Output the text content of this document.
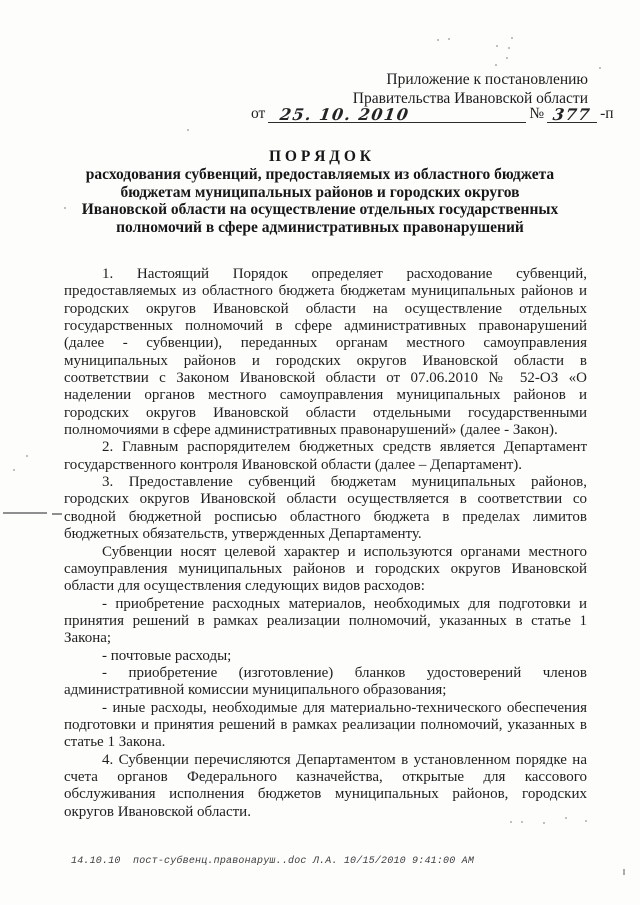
Приложение к постановлению
Правительства Ивановской области
от 25. 10. 2010	№ 377 -п
П О Р Я Д О К
расходования субвенций, предоставляемых из областного бюджета
бюджетам муниципальных районов и городских округов
Ивановской области на осуществление отдельных государственных
полномочий в сфере административных правонарушений

1. Настоящий Порядок определяет расходование субвенций, предоставляемых из областного бюджета бюджетам муниципальных районов и городских округов Ивановской области на осуществление отдельных государственных полномочий в сфере административных правонарушений (далее - субвенции), переданных органам местного самоуправления муниципальных районов и городских округов Ивановской области в соответствии с Законом Ивановской области от 07.06.2010 № 52-ОЗ «О наделении органов местного самоуправления муниципальных районов и городских округов Ивановской области отдельными государственными полномочиями в сфере административных правонарушений» (далее - Закон).

2. Главным распорядителем бюджетных средств является Департамент государственного контроля Ивановской области (далее – Департамент).

3. Предоставление субвенций бюджетам муниципальных районов, городских округов Ивановской области осуществляется в соответствии со сводной бюджетной росписью областного бюджета в пределах лимитов бюджетных обязательств, утвержденных Департаменту.

Субвенции носят целевой характер и используются органами местного самоуправления муниципальных районов и городских округов Ивановской области для осуществления следующих видов расходов:

- приобретение расходных материалов, необходимых для подготовки и принятия решений в рамках реализации полномочий, указанных в статье 1 Закона;

- почтовые расходы;

- приобретение (изготовление) бланков удостоверений членов административной комиссии муниципального образования;

- иные расходы, необходимые для материально-технического обеспечения подготовки и принятия решений в рамках реализации полномочий, указанных в статье 1 Закона.

4. Субвенции перечисляются Департаментом в установленном порядке на счета органов Федерального казначейства, открытые для кассового обслуживания исполнения бюджетов муниципальных районов, городских округов Ивановской области.

14.10.10  пост-субвенц.правонаруш..doc Л.А. 10/15/2010 9:41:00 AM
